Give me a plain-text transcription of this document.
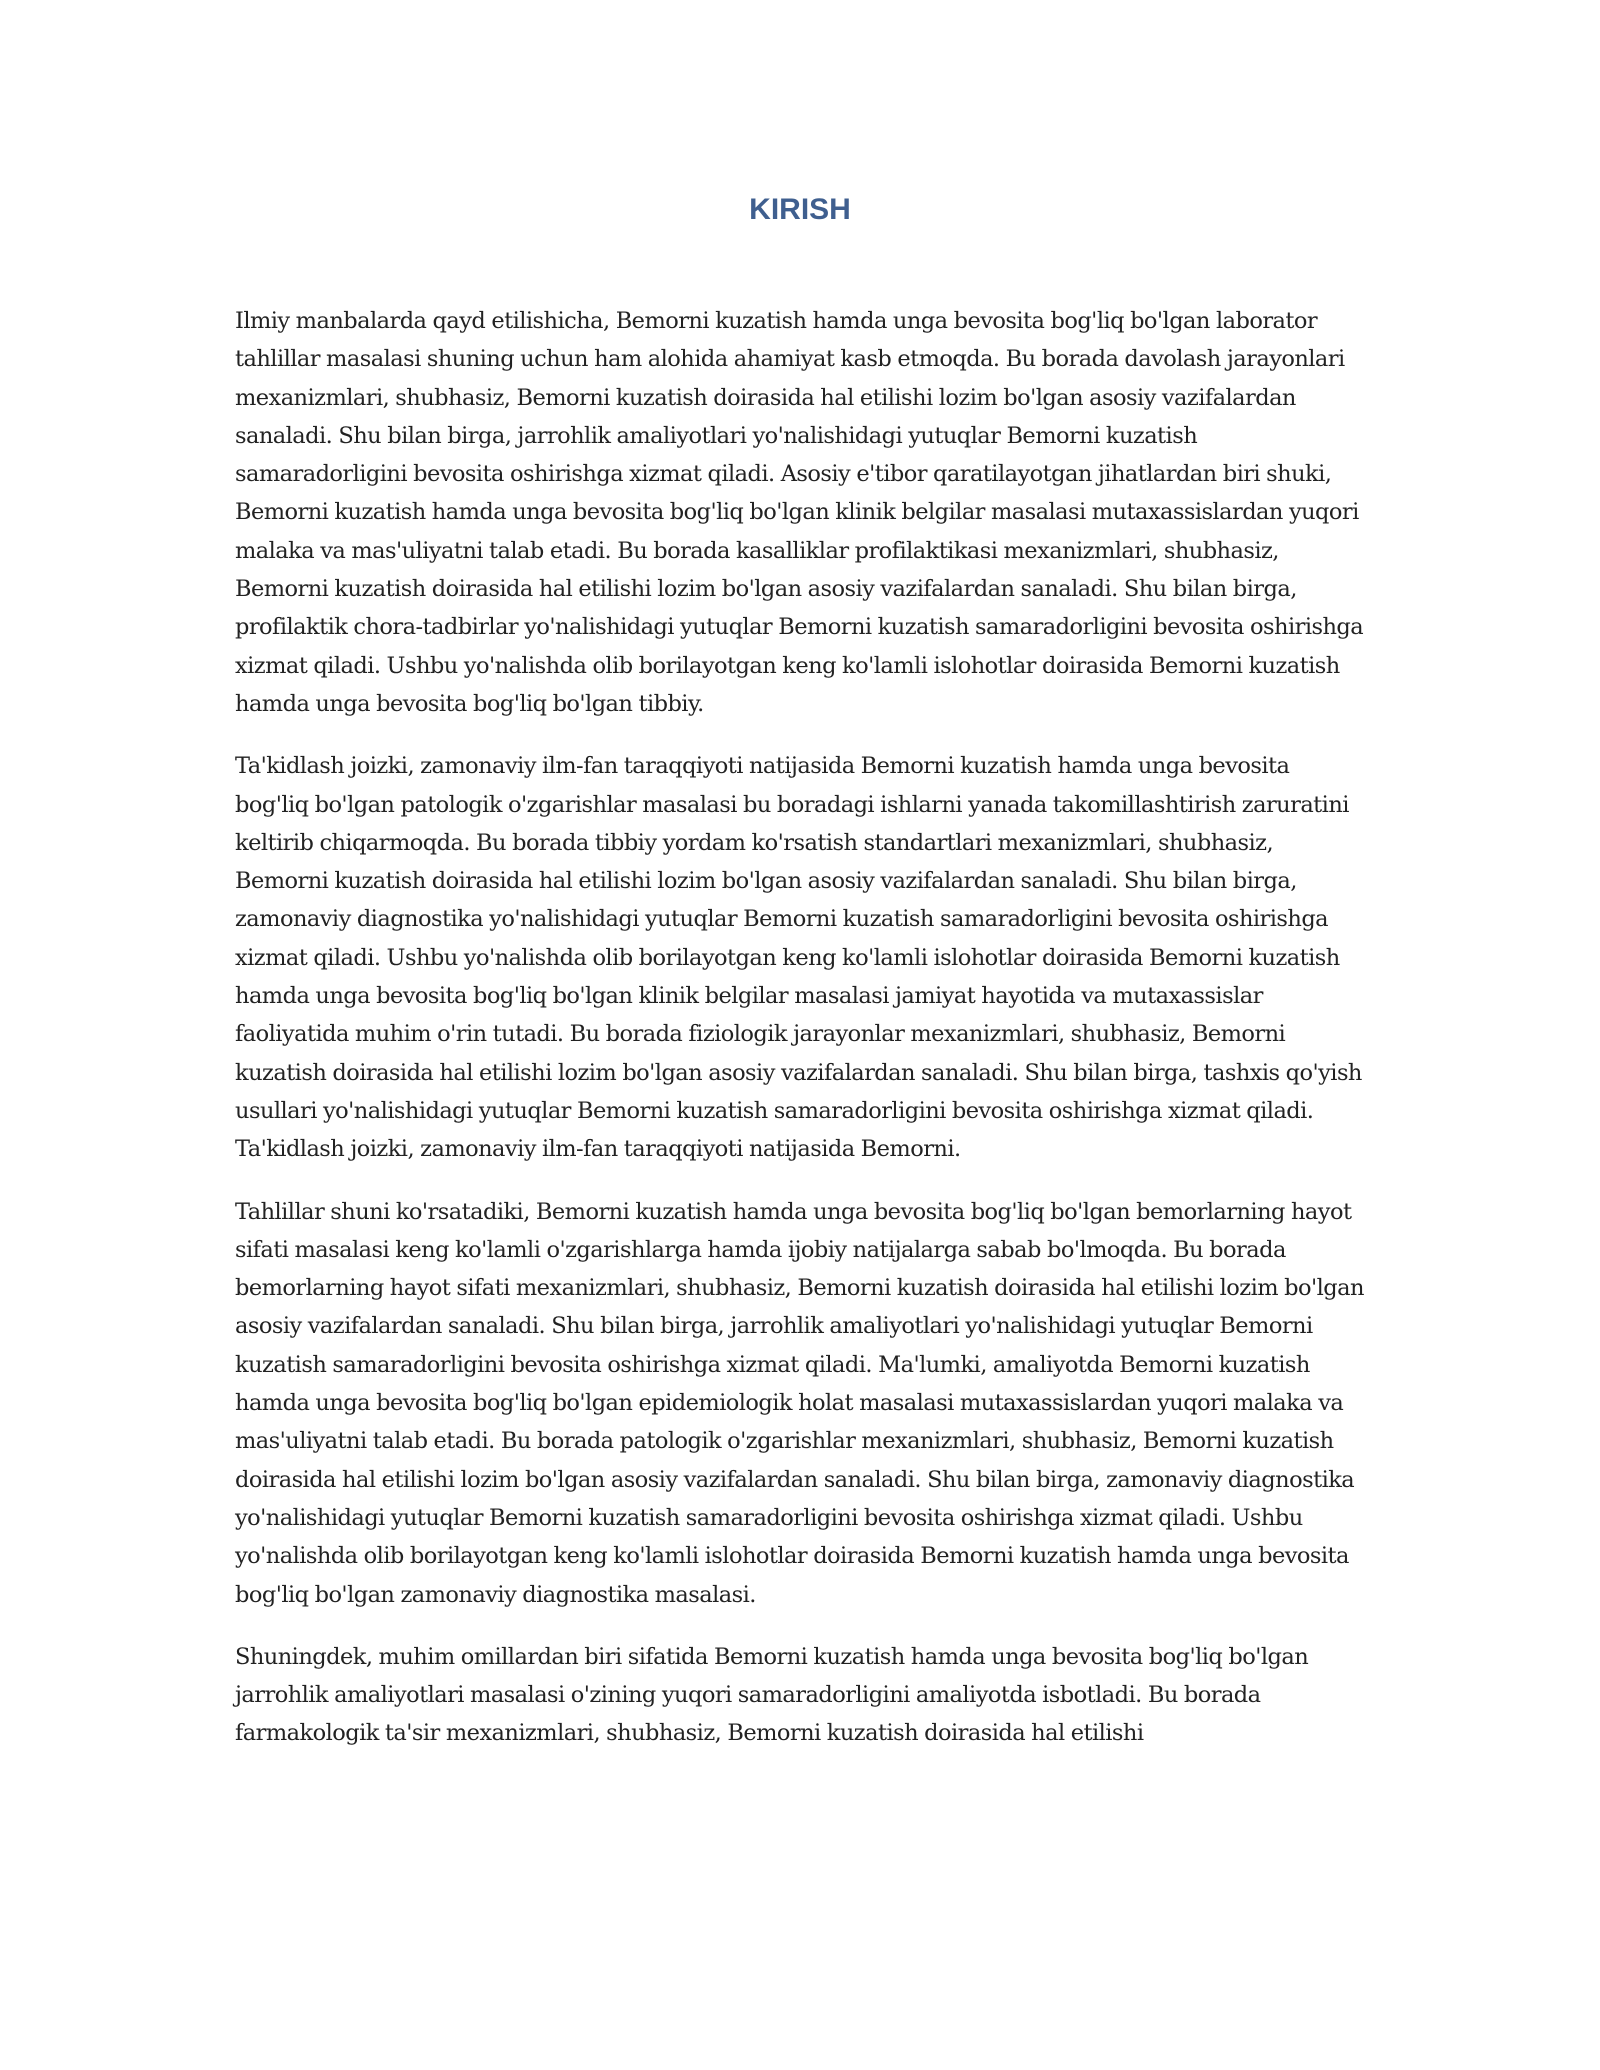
KIRISH

Ilmiy manbalarda qayd etilishicha, Bemorni kuzatish hamda unga bevosita bog'liq bo'lgan laborator tahlillar masalasi shuning uchun ham alohida ahamiyat kasb etmoqda. Bu borada davolash jarayonlari mexanizmlari, shubhasiz, Bemorni kuzatish doirasida hal etilishi lozim bo'lgan asosiy vazifalardan sanaladi. Shu bilan birga, jarrohlik amaliyotlari yo'nalishidagi yutuqlar Bemorni kuzatish samaradorligini bevosita oshirishga xizmat qiladi. Asosiy e'tibor qaratilayotgan jihatlardan biri shuki, Bemorni kuzatish hamda unga bevosita bog'liq bo'lgan klinik belgilar masalasi mutaxassislardan yuqori malaka va mas'uliyatni talab etadi. Bu borada kasalliklar profilaktikasi mexanizmlari, shubhasiz, Bemorni kuzatish doirasida hal etilishi lozim bo'lgan asosiy vazifalardan sanaladi. Shu bilan birga, profilaktik chora-tadbirlar yo'nalishidagi yutuqlar Bemorni kuzatish samaradorligini bevosita oshirishga xizmat qiladi. Ushbu yo'nalishda olib borilayotgan keng ko'lamli islohotlar doirasida Bemorni kuzatish hamda unga bevosita bog'liq bo'lgan tibbiy.

Ta'kidlash joizki, zamonaviy ilm-fan taraqqiyoti natijasida Bemorni kuzatish hamda unga bevosita bog'liq bo'lgan patologik o'zgarishlar masalasi bu boradagi ishlarni yanada takomillashtirish zaruratini keltirib chiqarmoqda. Bu borada tibbiy yordam ko'rsatish standartlari mexanizmlari, shubhasiz, Bemorni kuzatish doirasida hal etilishi lozim bo'lgan asosiy vazifalardan sanaladi. Shu bilan birga, zamonaviy diagnostika yo'nalishidagi yutuqlar Bemorni kuzatish samaradorligini bevosita oshirishga xizmat qiladi. Ushbu yo'nalishda olib borilayotgan keng ko'lamli islohotlar doirasida Bemorni kuzatish hamda unga bevosita bog'liq bo'lgan klinik belgilar masalasi jamiyat hayotida va mutaxassislar faoliyatida muhim o'rin tutadi. Bu borada fiziologik jarayonlar mexanizmlari, shubhasiz, Bemorni kuzatish doirasida hal etilishi lozim bo'lgan asosiy vazifalardan sanaladi. Shu bilan birga, tashxis qo'yish usullari yo'nalishidagi yutuqlar Bemorni kuzatish samaradorligini bevosita oshirishga xizmat qiladi. Ta'kidlash joizki, zamonaviy ilm-fan taraqqiyoti natijasida Bemorni.

Tahlillar shuni ko'rsatadiki, Bemorni kuzatish hamda unga bevosita bog'liq bo'lgan bemorlarning hayot sifati masalasi keng ko'lamli o'zgarishlarga hamda ijobiy natijalarga sabab bo'lmoqda. Bu borada bemorlarning hayot sifati mexanizmlari, shubhasiz, Bemorni kuzatish doirasida hal etilishi lozim bo'lgan asosiy vazifalardan sanaladi. Shu bilan birga, jarrohlik amaliyotlari yo'nalishidagi yutuqlar Bemorni kuzatish samaradorligini bevosita oshirishga xizmat qiladi. Ma'lumki, amaliyotda Bemorni kuzatish hamda unga bevosita bog'liq bo'lgan epidemiologik holat masalasi mutaxassislardan yuqori malaka va mas'uliyatni talab etadi. Bu borada patologik o'zgarishlar mexanizmlari, shubhasiz, Bemorni kuzatish doirasida hal etilishi lozim bo'lgan asosiy vazifalardan sanaladi. Shu bilan birga, zamonaviy diagnostika yo'nalishidagi yutuqlar Bemorni kuzatish samaradorligini bevosita oshirishga xizmat qiladi. Ushbu yo'nalishda olib borilayotgan keng ko'lamli islohotlar doirasida Bemorni kuzatish hamda unga bevosita bog'liq bo'lgan zamonaviy diagnostika masalasi.

Shuningdek, muhim omillardan biri sifatida Bemorni kuzatish hamda unga bevosita bog'liq bo'lgan jarrohlik amaliyotlari masalasi o'zining yuqori samaradorligini amaliyotda isbotladi. Bu borada farmakologik ta'sir mexanizmlari, shubhasiz, Bemorni kuzatish doirasida hal etilishi
